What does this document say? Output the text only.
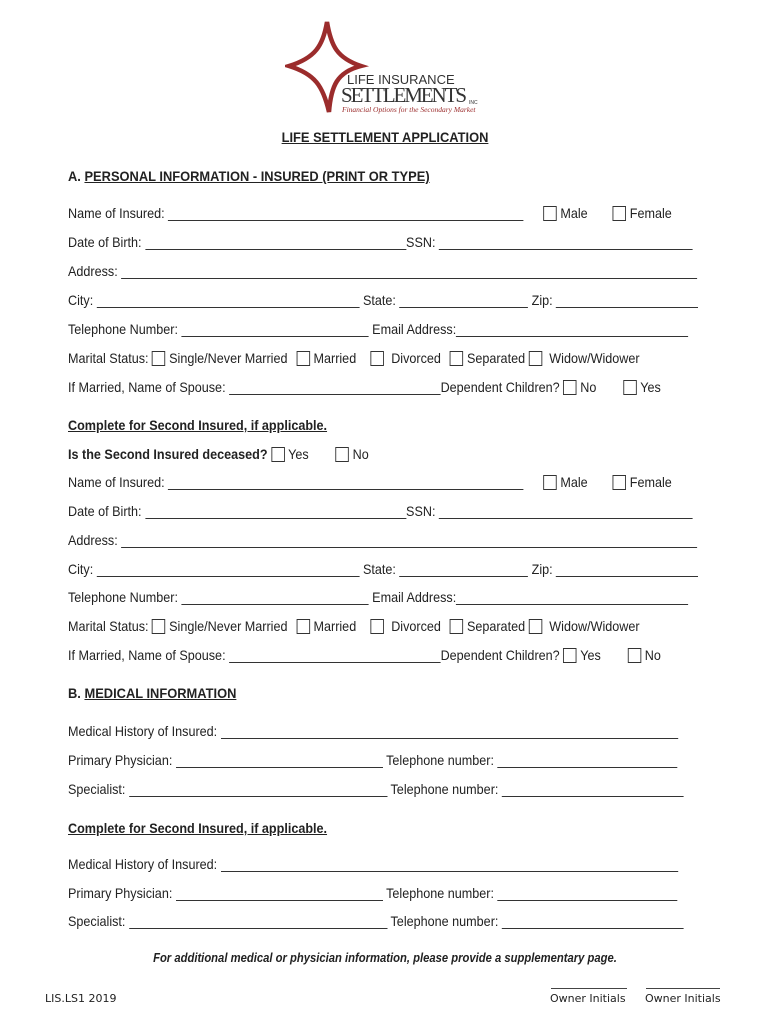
LIFE INSURANCE
SETTLEMENTS INC
Financial Options for the Secondary Market
LIFE SETTLEMENT APPLICATION
A. PERSONAL INFORMATION - INSURED (PRINT OR TYPE)
Name of Insured:	Male	Female
Date of Birth:	SSN:
Address:
City:	State:	Zip:
Telephone Number:	Email Address:
Marital Status: Single/Never Married Married	Divorced Separated Widow/Widower
If Married, Name of Spouse:	Dependent Children? No	Yes
Complete for Second Insured, if applicable.
Is the Second Insured deceased? Yes	No
Name of Insured:	Male	Female
Date of Birth:	SSN:
Address:
City:	State:	Zip:
Telephone Number:	Email Address:
Marital Status: Single/Never Married Married	Divorced Separated Widow/Widower
If Married, Name of Spouse:	Dependent Children? Yes	No
B. MEDICAL INFORMATION
Medical History of Insured:
Primary Physician:	Telephone number:
Specialist:	Telephone number:
Complete for Second Insured, if applicable.
Medical History of Insured:
Primary Physician:	Telephone number:
Specialist:	Telephone number:
For additional medical or physician information, please provide a supplementary page.
LIS.LS1 2019	Owner Initials Owner Initials
